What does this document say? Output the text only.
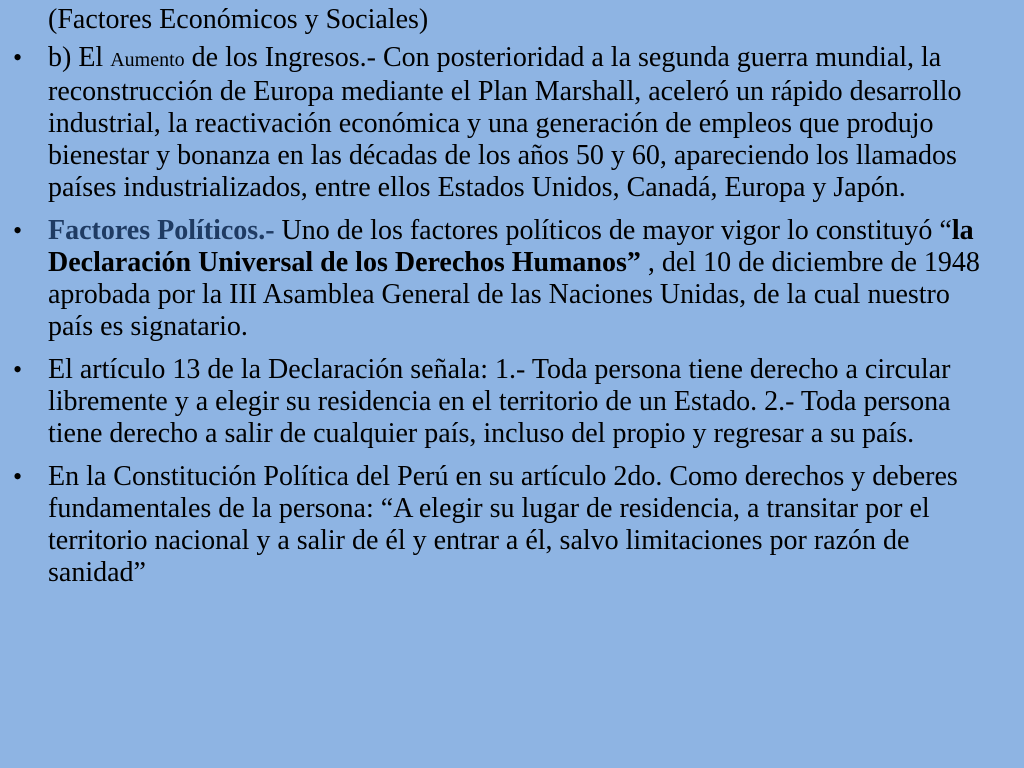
(Factores Económicos y Sociales)
• b) El Aumento de los Ingresos.- Con posterioridad a la segunda guerra mundial, la reconstrucción de Europa mediante el Plan Marshall, aceleró un rápido desarrollo industrial, la reactivación económica y una generación de empleos que produjo bienestar y bonanza en las décadas de los años 50 y 60, apareciendo los llamados países industrializados, entre ellos Estados Unidos, Canadá, Europa y Japón.
• Factores Políticos.- Uno de los factores políticos de mayor vigor lo constituyó “la Declaración Universal de los Derechos Humanos” , del 10 de diciembre de 1948 aprobada por la III Asamblea General de las Naciones Unidas, de la cual nuestro país es signatario.
• El artículo 13 de la Declaración señala: 1.- Toda persona tiene derecho a circular libremente y a elegir su residencia en el territorio de un Estado. 2.- Toda persona tiene derecho a salir de cualquier país, incluso del propio y regresar a su país.
• En la Constitución Política del Perú en su artículo 2do. Como derechos y deberes fundamentales de la persona: “A elegir su lugar de residencia, a transitar por el territorio nacional y a salir de él y entrar a él, salvo limitaciones por razón de sanidad”
